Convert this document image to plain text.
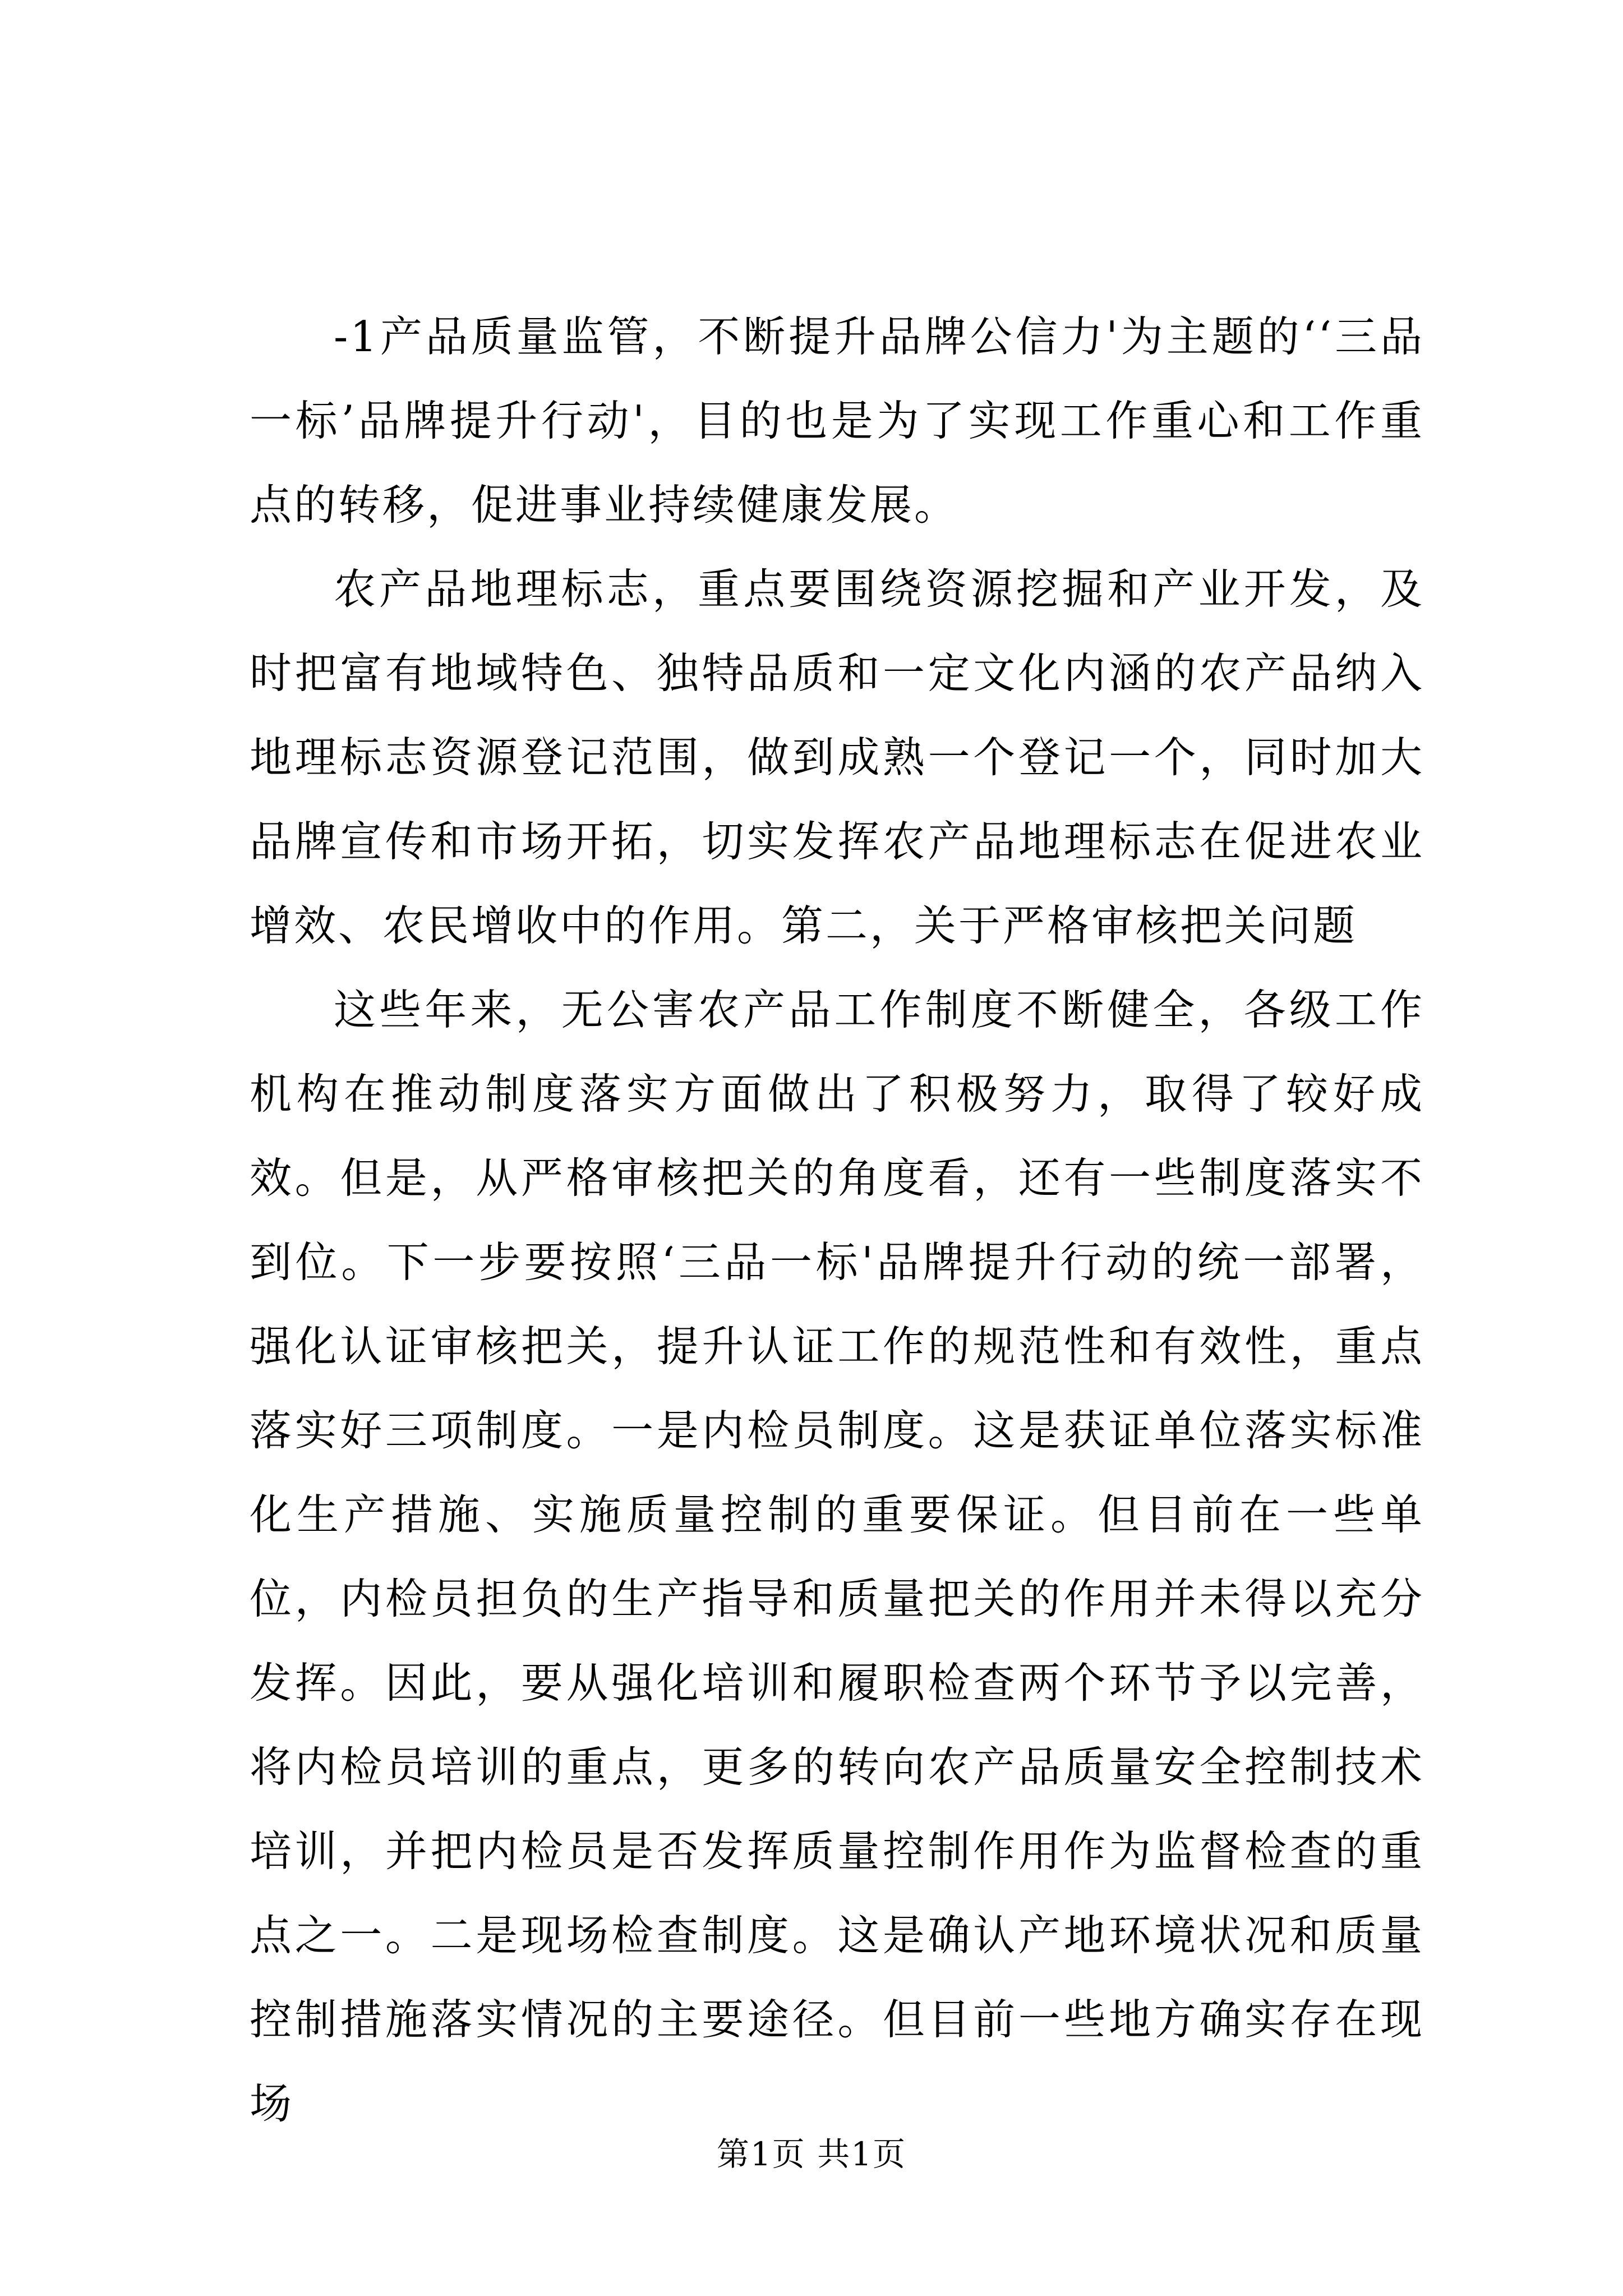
-1产品质量监管，不断提升品牌公信力'为主题的‘‘三品一标’品牌提升行动'，目的也是为了实现工作重心和工作重点的转移，促进事业持续健康发展。

农产品地理标志，重点要围绕资源挖掘和产业开发，及时把富有地域特色、独特品质和一定文化内涵的农产品纳入地理标志资源登记范围，做到成熟一个登记一个，同时加大品牌宣传和市场开拓，切实发挥农产品地理标志在促进农业增效、农民增收中的作用。第二，关于严格审核把关问题

这些年来，无公害农产品工作制度不断健全，各级工作机构在推动制度落实方面做出了积极努力，取得了较好成效。但是，从严格审核把关的角度看，还有一些制度落实不到位。下一步要按照‘三品一标'品牌提升行动的统一部署，强化认证审核把关，提升认证工作的规范性和有效性，重点落实好三项制度。一是内检员制度。这是获证单位落实标准化生产措施、实施质量控制的重要保证。但目前在一些单位，内检员担负的生产指导和质量把关的作用并未得以充分发挥。因此，要从强化培训和履职检查两个环节予以完善，将内检员培训的重点，更多的转向农产品质量安全控制技术培训，并把内检员是否发挥质量控制作用作为监督检查的重点之一。二是现场检查制度。这是确认产地环境状况和质量控制措施落实情况的主要途径。但目前一些地方确实存在现场

第1页 共1页
